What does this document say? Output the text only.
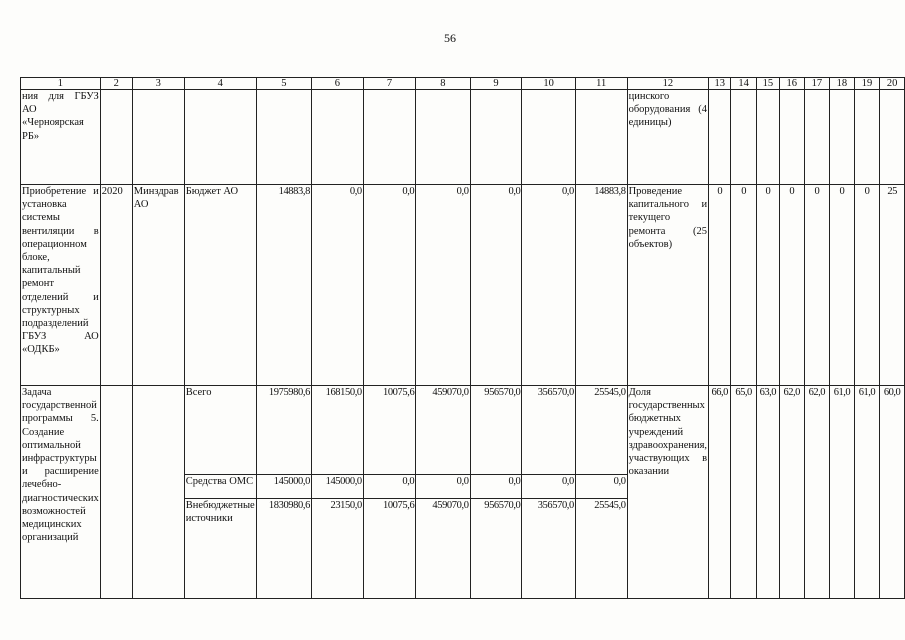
56
1	2	3	4	5	6	7	8	9	10	11	12	13	14	15	16	17	18	19	20
ния для ГБУЗ АО «Черноярская РБ»											цинского оборудования (4 единицы)								
Приобретение и установка системы вентиляции в операционном блоке, капитальный ремонт отделений и структурных подразделений ГБУЗ АО «ОДКБ»	2020	Минздрав АО	Бюджет АО	14883,8	0,0	0,0	0,0	0,0	0,0	14883,8	Проведение капитального и текущего ремонта (25 объектов)	0	0	0	0	0	0	0	25
Задача государственной программы 5. Создание оптимальной инфраструктуры и расширение лечебно-диагностических возможностей медицинских организаций			Всего	1975980,6	168150,0	10075,6	459070,0	956570,0	356570,0	25545,0	Доля государственных бюджетных учреждений здравоохранения, участвующих в оказании	66,0	65,0	63,0	62,0	62,0	61,0	61,0	60,0
			Средства ОМС	145000,0	145000,0	0,0	0,0	0,0	0,0	0,0									
			Внебюджетные источники	1830980,6	23150,0	10075,6	459070,0	956570,0	356570,0	25545,0									
